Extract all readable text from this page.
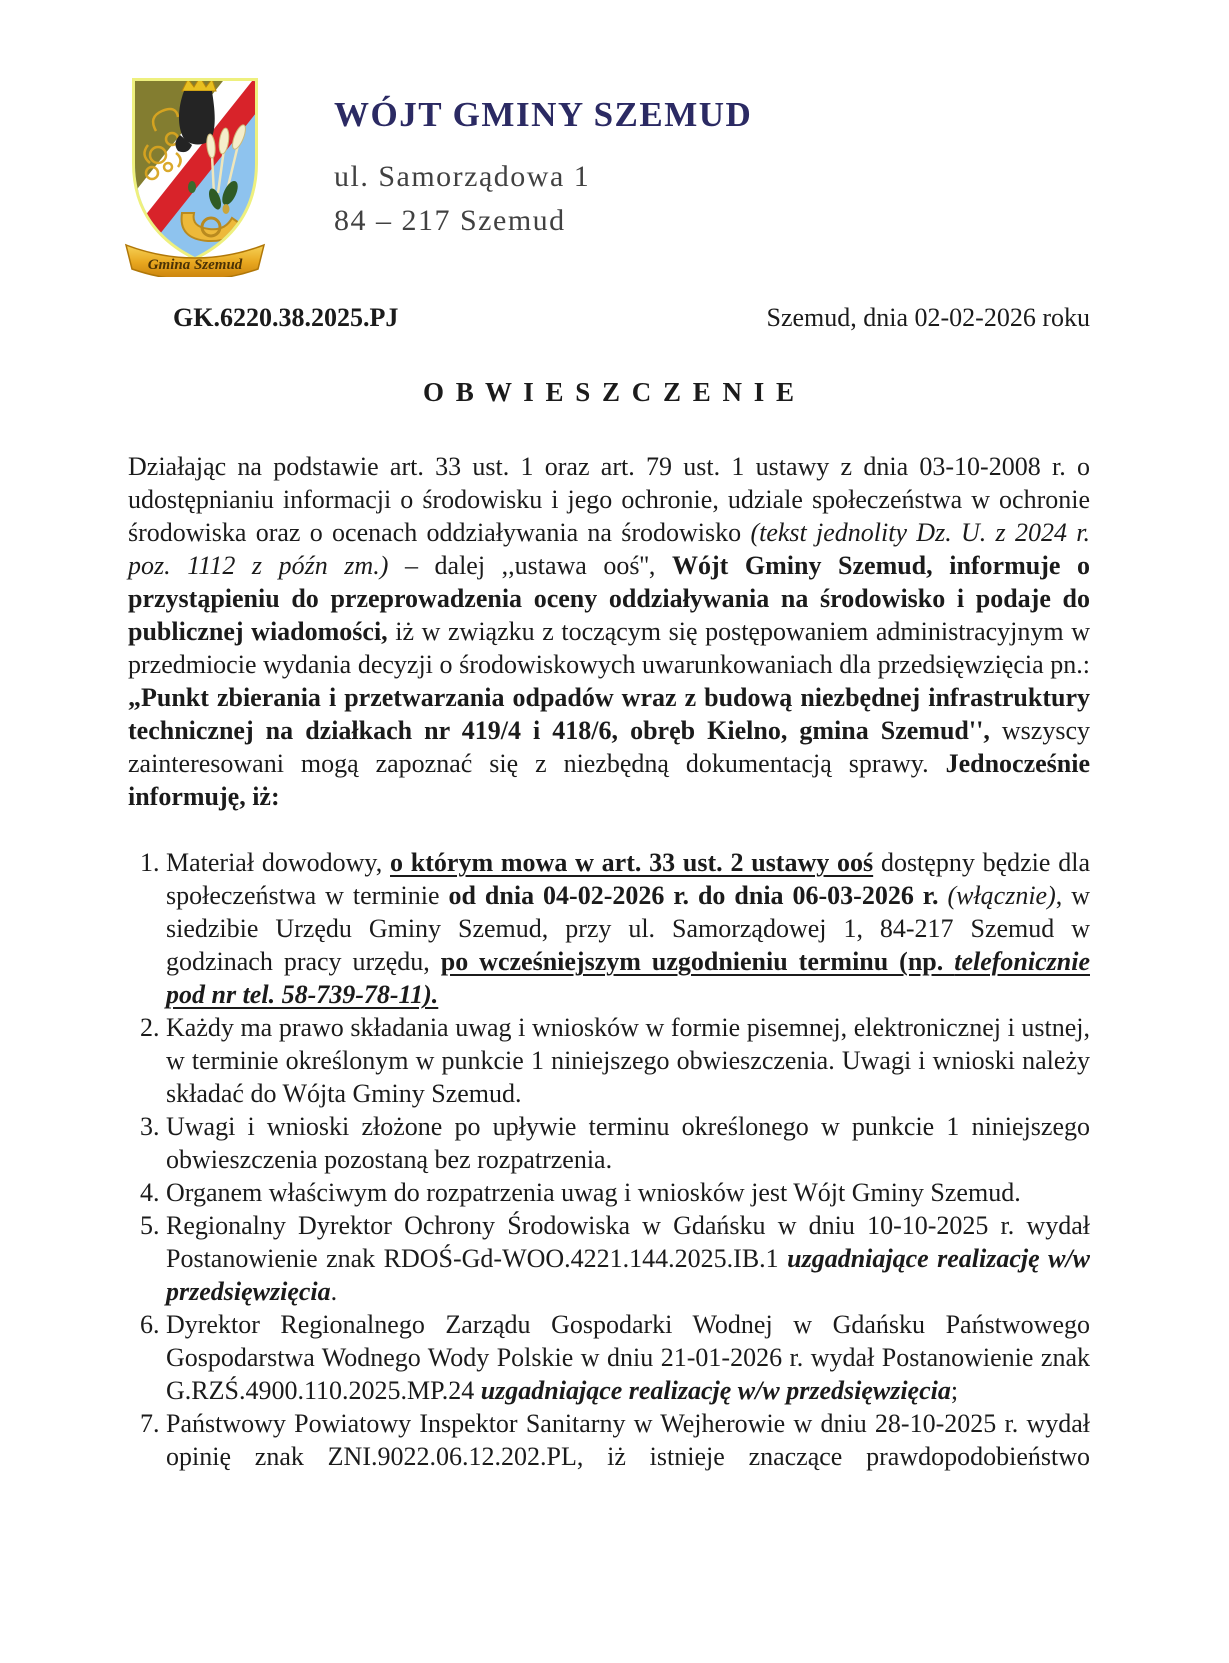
Gmina Szemud
WÓJT GMINY SZEMUD
ul. Samorządowa 1
84 – 217 Szemud
GK.6220.38.2025.PJ	Szemud, dnia 02-02-2026 roku
O B W I E S Z C Z E N I E

Działając na podstawie art. 33 ust. 1 oraz art. 79 ust. 1 ustawy z dnia 03-10-2008 r. o udostępnianiu informacji o środowisku i jego ochronie, udziale społeczeństwa w ochronie środowiska oraz o ocenach oddziaływania na środowisko (tekst jednolity Dz. U. z 2024 r. poz. 1112 z późn zm.) – dalej ,,ustawa ooś'', Wójt Gminy Szemud, informuje o przystąpieniu do przeprowadzenia oceny oddziaływania na środowisko i podaje do publicznej wiadomości, iż w związku z toczącym się postępowaniem administracyjnym w przedmiocie wydania decyzji o środowiskowych uwarunkowaniach dla przedsięwzięcia pn.: „Punkt zbierania i przetwarzania odpadów wraz z budową niezbędnej infrastruktury technicznej na działkach nr 419/4 i 418/6, obręb Kielno, gmina Szemud'', wszyscy zainteresowani mogą zapoznać się z niezbędną dokumentacją sprawy. Jednocześnie informuję, iż:

1. Materiał dowodowy, o którym mowa w art. 33 ust. 2 ustawy ooś dostępny będzie dla społeczeństwa w terminie od dnia 04-02-2026 r. do dnia 06-03-2026 r. (włącznie), w siedzibie Urzędu Gminy Szemud, przy ul. Samorządowej 1, 84-217 Szemud w godzinach pracy urzędu, po wcześniejszym uzgodnieniu terminu (np. telefonicznie pod nr tel. 58-739-78-11).
2. Każdy ma prawo składania uwag i wniosków w formie pisemnej, elektronicznej i ustnej, w terminie określonym w punkcie 1 niniejszego obwieszczenia. Uwagi i wnioski należy składać do Wójta Gminy Szemud.
3. Uwagi i wnioski złożone po upływie terminu określonego w punkcie 1 niniejszego obwieszczenia pozostaną bez rozpatrzenia.
4. Organem właściwym do rozpatrzenia uwag i wniosków jest Wójt Gminy Szemud.
5. Regionalny Dyrektor Ochrony Środowiska w Gdańsku w dniu 10-10-2025 r. wydał Postanowienie znak RDOŚ-Gd-WOO.4221.144.2025.IB.1 uzgadniające realizację w/w przedsięwzięcia.
6. Dyrektor Regionalnego Zarządu Gospodarki Wodnej w Gdańsku Państwowego Gospodarstwa Wodnego Wody Polskie w dniu 21-01-2026 r. wydał Postanowienie znak G.RZŚ.4900.110.2025.MP.24 uzgadniające realizację w/w przedsięwzięcia;
7. Państwowy Powiatowy Inspektor Sanitarny w Wejherowie w dniu 28-10-2025 r. wydał opinię znak ZNI.9022.06.12.202.PL, iż istnieje znaczące prawdopodobieństwo
